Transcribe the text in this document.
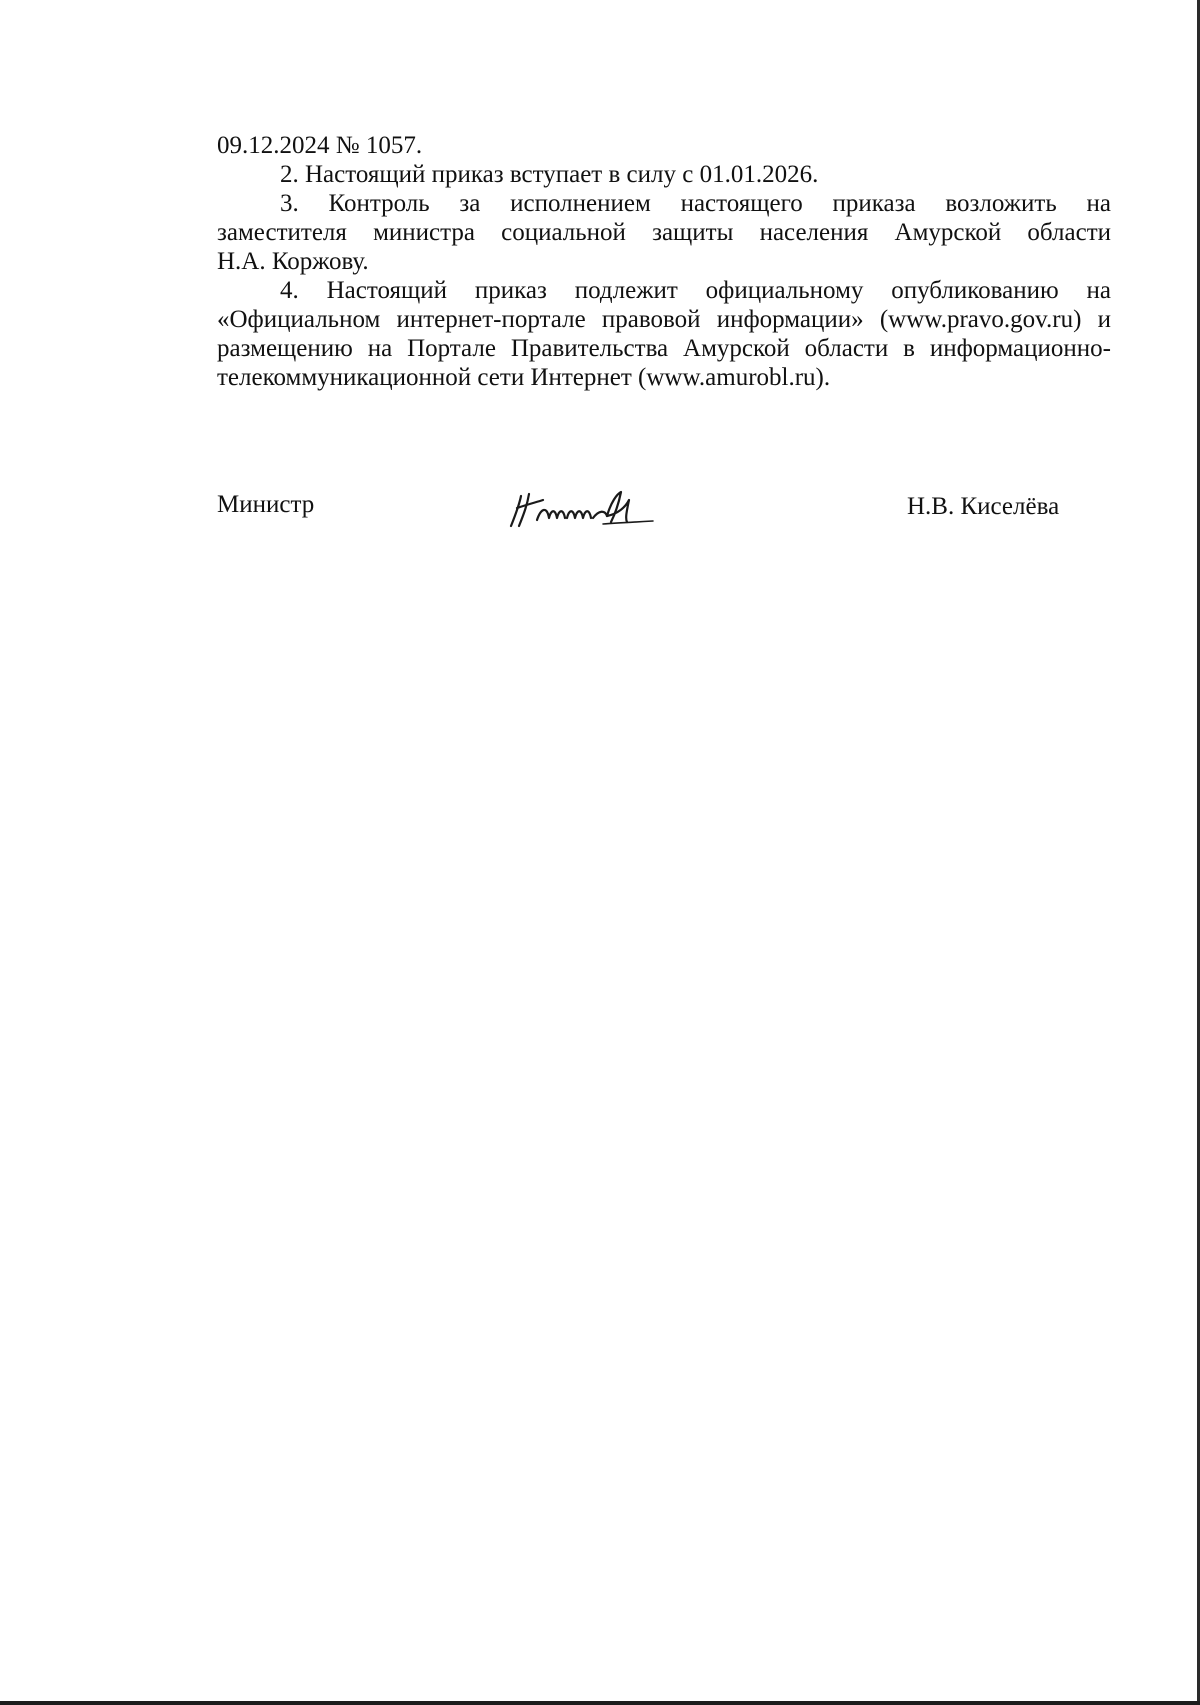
09.12.2024 № 1057.

2. Настоящий приказ вступает в силу с 01.01.2026.

3. Контроль за исполнением настоящего приказа возложить на

заместителя министра социальной защиты населения Амурской области

Н.А. Коржову.

4. Настоящий приказ подлежит официальному опубликованию на

«Официальном интернет-портале правовой информации» (www.pravo.gov.ru) и

размещению на Портале Правительства Амурской области в информационно-

телекоммуникационной сети Интернет (www.amurobl.ru).

Министр	Н.В. Киселёва
